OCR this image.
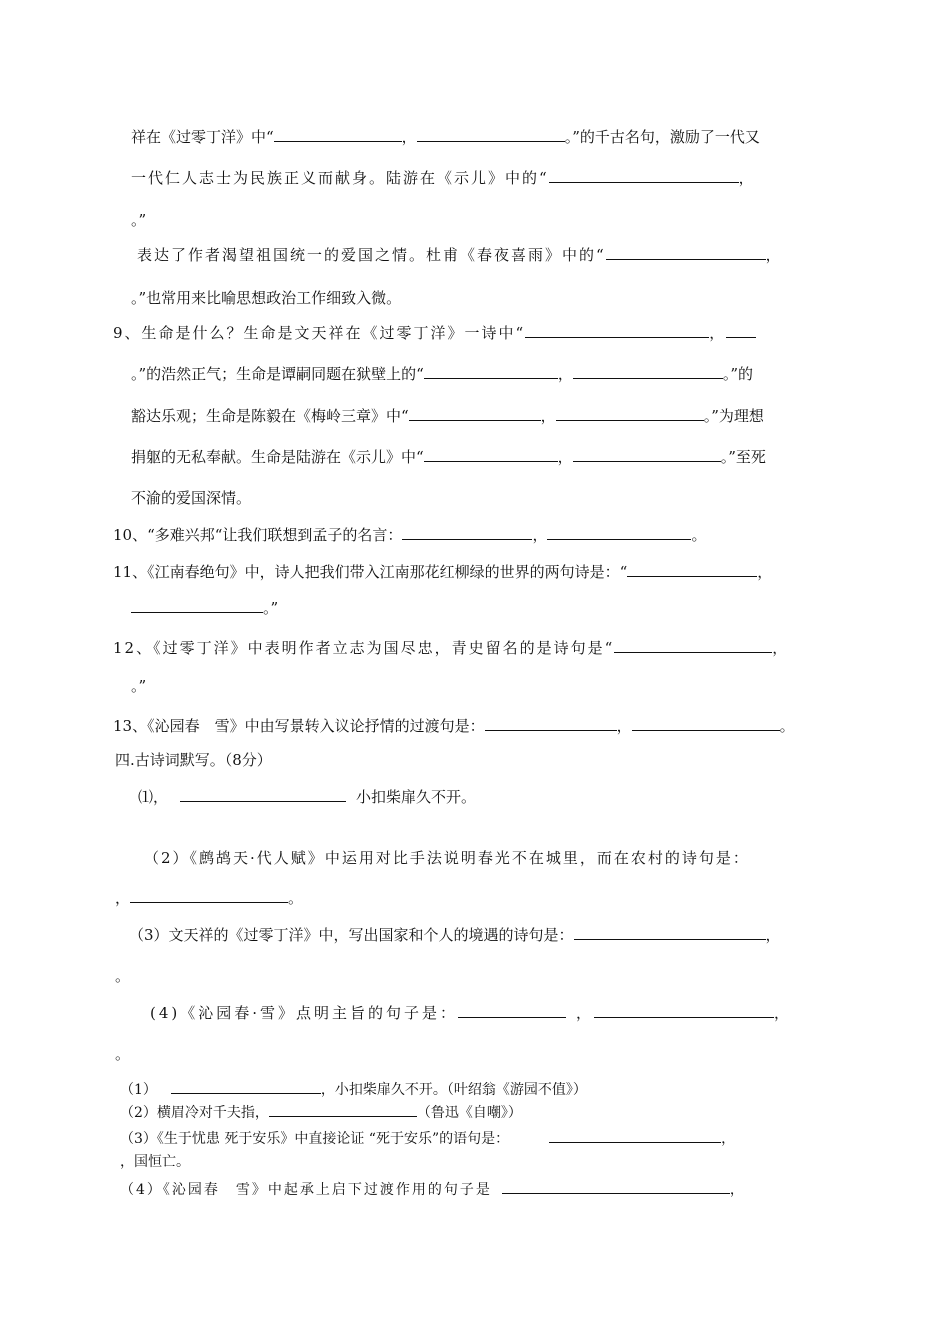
祥在《过零丁洋》中“	，	。”的千古名句，激励了一代又
一代仁人志士为民族正义而献身。陆游在《示儿》中的“	，
。”
表达了作者渴望祖国统一的爱国之情。杜甫《春夜喜雨》中的“	，
。”也常用来比喻思想政治工作细致入微。
9、生命是什么？生命是文天祥在《过零丁洋》一诗中“	，
。”的浩然正气；生命是谭嗣同题在狱壁上的“	，	。”的
豁达乐观；生命是陈毅在《梅岭三章》中“	，	。”为理想
捐躯的无私奉献。生命是陆游在《示儿》中“	，	。”至死
不渝的爱国深情。
10、“多难兴邦“让我们联想到孟子的名言：	，	。
11、《江南春绝句》中，诗人把我们带入江南那花红柳绿的世界的两句诗是：“	，
。”
12、《过零丁洋》中表明作者立志为国尽忠，青史留名的是诗句是“	，
。”
13、《沁园春　雪》中由写景转入议论抒情的过渡句是：	，	。
四.古诗词默写。（8分）
⑴，	小扣柴扉久不开。
（2）《鹧鸪天·代人赋》中运用对比手法说明春光不在城里，而在农村的诗句是：
，	。
（3）文天祥的《过零丁洋》中，写出国家和个人的境遇的诗句是：	，
。
(4)《沁园春·雪》点明主旨的句子是：	，	，
。
（1）	，小扣柴扉久不开。（叶绍翁《游园不值》）
（2）横眉冷对千夫指，	（鲁迅《自嘲》）
（3）《生于忧患 死于安乐》中直接论证 “死于安乐”的语句是：	，
，国恒亡。
（4）《沁园春　雪》中起承上启下过渡作用的句子是	，
